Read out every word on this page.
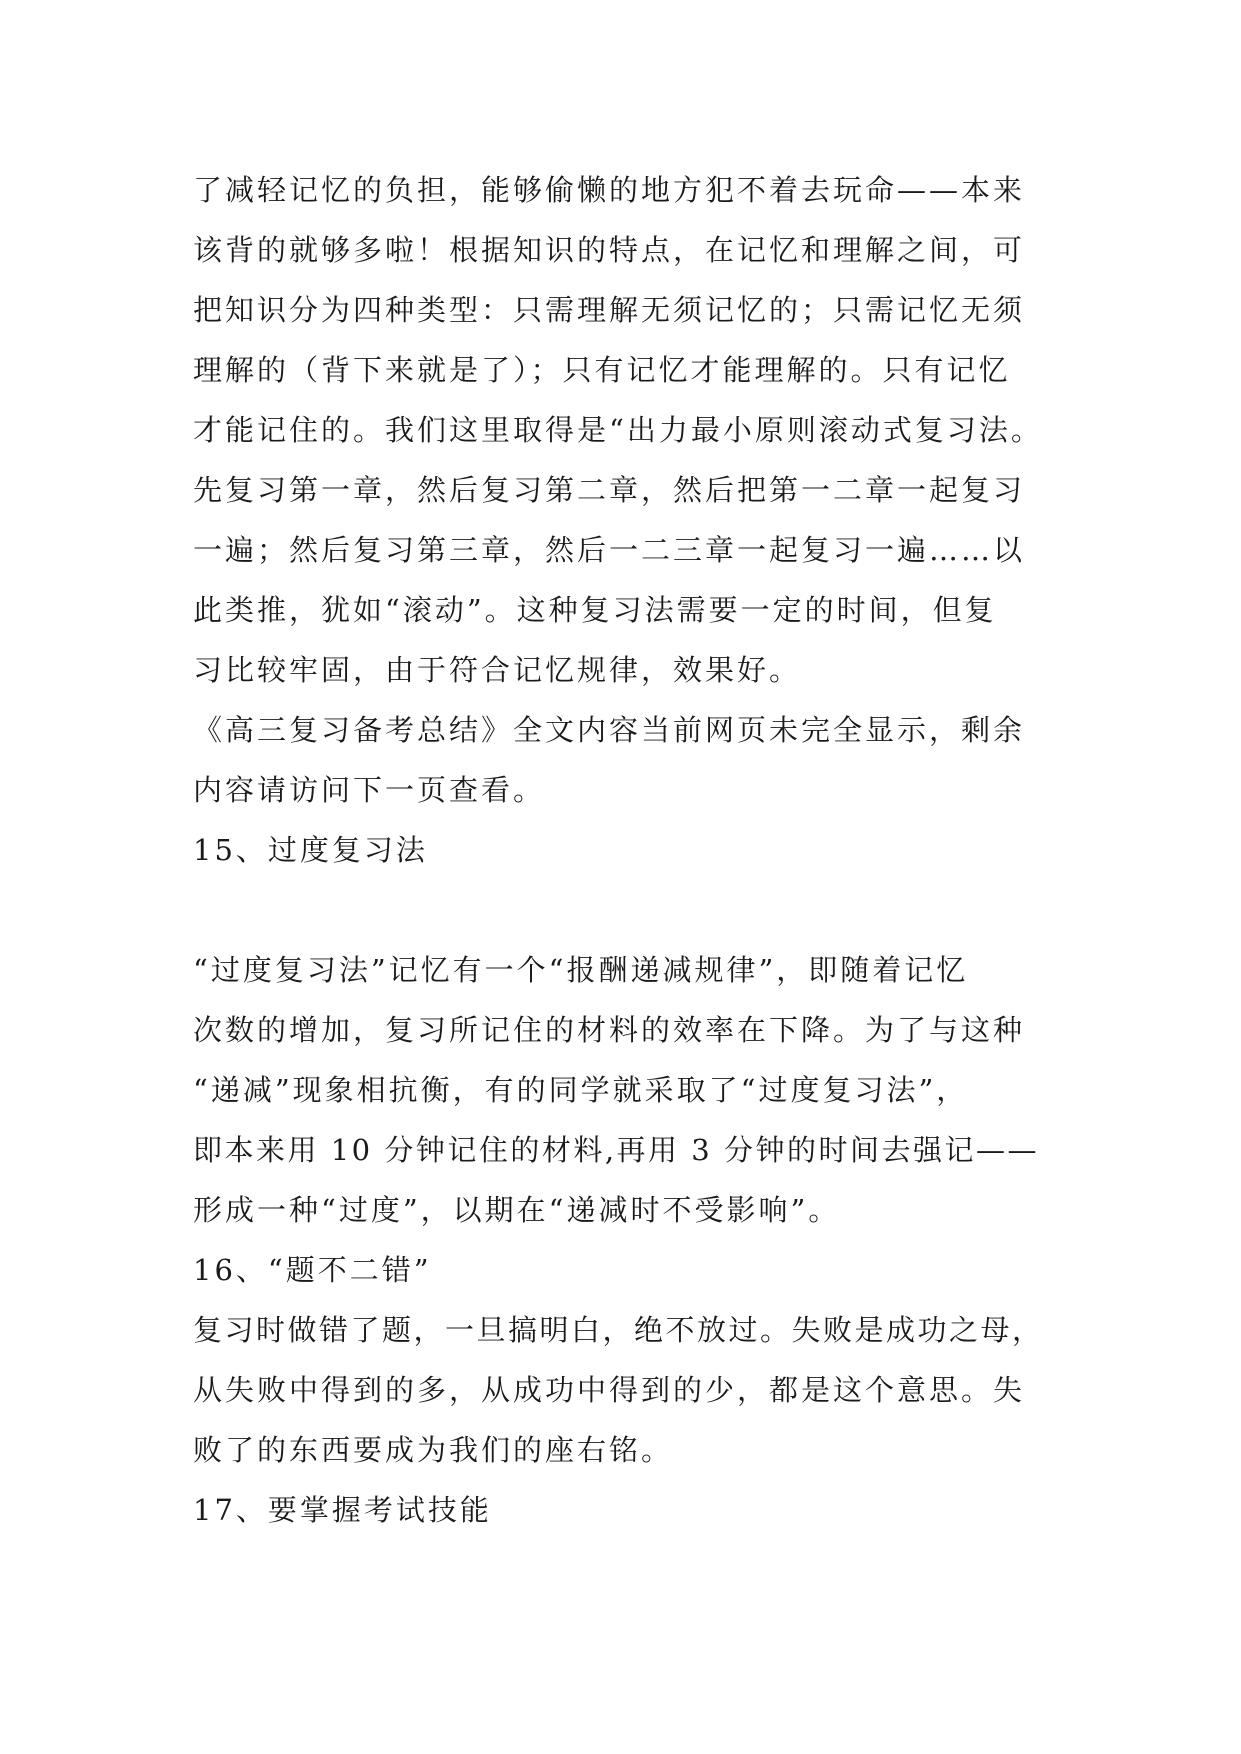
了减轻记忆的负担，能够偷懒的地方犯不着去玩命——本来
该背的就够多啦！根据知识的特点，在记忆和理解之间，可
把知识分为四种类型：只需理解无须记忆的；只需记忆无须
理解的（背下来就是了）；只有记忆才能理解的。只有记忆
才能记住的。我们这里取得是“出力最小原则滚动式复习法。
先复习第一章，然后复习第二章，然后把第一二章一起复习
一遍；然后复习第三章，然后一二三章一起复习一遍……以
此类推，犹如“滚动”。这种复习法需要一定的时间，但复
习比较牢固，由于符合记忆规律，效果好。
《高三复习备考总结》全文内容当前网页未完全显示，剩余
内容请访问下一页查看。
15、过度复习法
“过度复习法”记忆有一个“报酬递减规律”，即随着记忆
次数的增加，复习所记住的材料的效率在下降。为了与这种
“递减”现象相抗衡，有的同学就采取了“过度复习法”，
即本来用 10 分钟记住的材料,再用 3 分钟的时间去强记——
形成一种“过度”，以期在“递减时不受影响”。
16、“题不二错”
复习时做错了题，一旦搞明白，绝不放过。失败是成功之母，
从失败中得到的多，从成功中得到的少，都是这个意思。失
败了的东西要成为我们的座右铭。
17、要掌握考试技能
